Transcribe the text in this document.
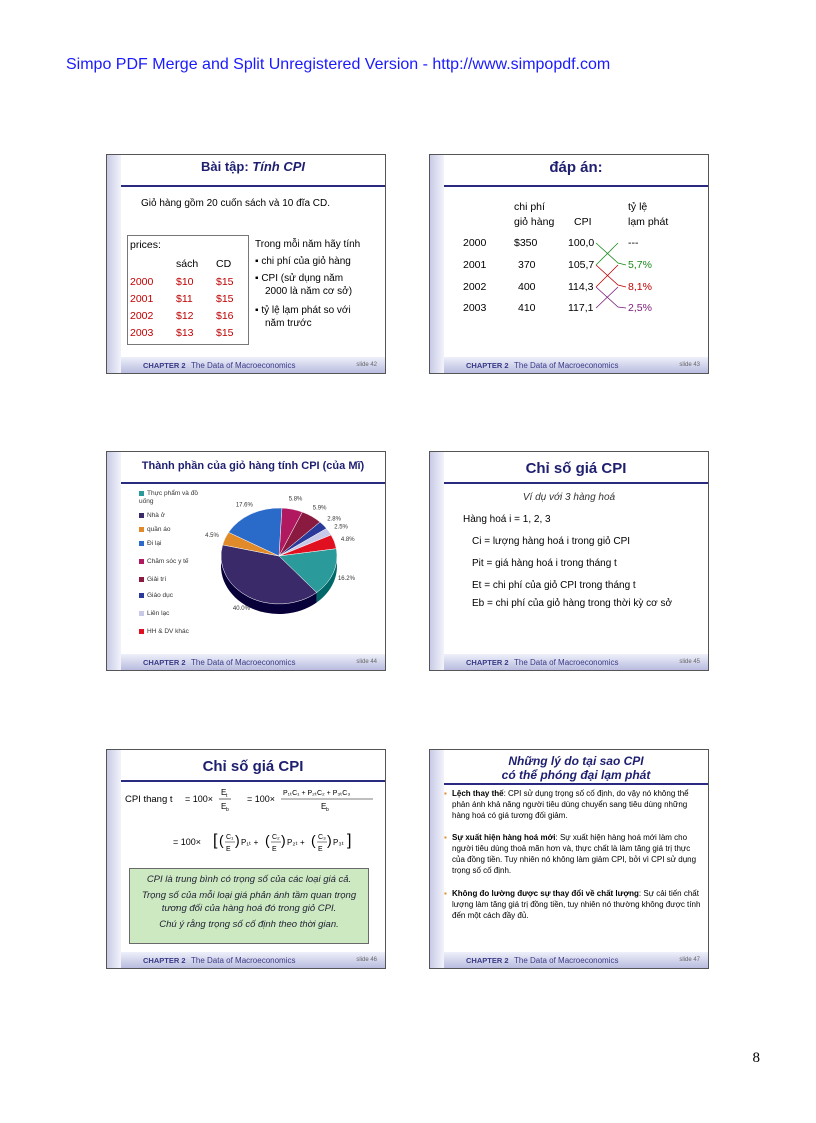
Simpo PDF Merge and Split Unregistered Version - http://www.simpopdf.com
Bài tập: Tính CPI
Giỏ hàng gồm 20 cuốn sách và 10 đĩa CD.
prices:
sách CD
2000 $10 $15
2001 $11 $15
2002 $12 $16
2003 $13 $15
Trong mỗi năm hãy tính
▪ chi phí của giỏ hàng
▪ CPI (sử dụng năm
2000 là năm cơ sở)
▪ tỷ lệ lạm phát so với
năm trước
CHAPTER 2 The Data of Macroeconomics	slide 42
đáp án:
chi phí
giỏ hàng CPI
tỷ lệ
lạm phát
2000	$350	100,0	---
2001	370	105,7	5,7%
2002	400	114,3	8,1%
2003	410	117,1	2,5%
CHAPTER 2 The Data of Macroeconomics	slide 43
Thành phần của giỏ hàng tính CPI (của Mĩ)
Thực phẩm và đồ uống
Nhà ở
quần áo
Đi lại
Chăm sóc y tế
Giải trí
Giáo dục
Liên lạc
HH & DV khác
5.8%
5.9%
2.8%
2.5%
4.8%
16.2%
40.0%
4.5%
17.6%
CHAPTER 2 The Data of Macroeconomics	slide 44
Chỉ số giá CPI
Ví dụ với 3 hàng hoá
Hàng hoá i = 1, 2, 3
Ci = lượng hàng hoá i trong giỏ CPI
Pit = giá hàng hoá i trong tháng t
Et = chi phí của giỏ CPI trong tháng t
Eb = chi phí của giỏ hàng trong thời kỳ cơ sở
CHAPTER 2 The Data of Macroeconomics	slide 45
Chỉ số giá CPI
CPI thang t = 100×
E t
E b
= 100×
P₁ₜC₁ + P₂ₜC₂ + P₃ₜC₃
E b
= 100× [ ( C₁
E
) P₁ₜ + ( C₂
E
) P₂ₜ + ( C₃
E
) P₃ₜ ]
CPI là trung bình có trọng số của các loại giá cả.
Trọng số của mỗi loại giá phản ánh tầm quan trọng tương đối của hàng hoá đó trong giỏ CPI.
Chú ý rằng trọng số cố định theo thời gian.
CHAPTER 2 The Data of Macroeconomics	slide 46
Những lý do tại sao CPI
có thể phóng đại lạm phát
▪ Lệch thay thế: CPI sử dụng trọng số cố định, do vậy nó không thể phản ánh khả năng người tiêu dùng chuyển sang tiêu dùng những hàng hoá có giá tương đối giảm.
▪ Sự xuất hiện hàng hoá mới: Sự xuất hiện hàng hoá mới làm cho người tiêu dùng thoả mãn hơn và, thực chất là làm tăng giá trị thực của đồng tiền. Tuy nhiên nó không làm giảm CPI, bởi vì CPI sử dụng trọng số cố định.
▪ Không đo lường được sự thay đổi về chất lượng: Sự cải tiến chất lượng làm tăng giá trị đồng tiền, tuy nhiên nó thường không được tính đến một cách đầy đủ.
CHAPTER 2 The Data of Macroeconomics	slide 47
8
